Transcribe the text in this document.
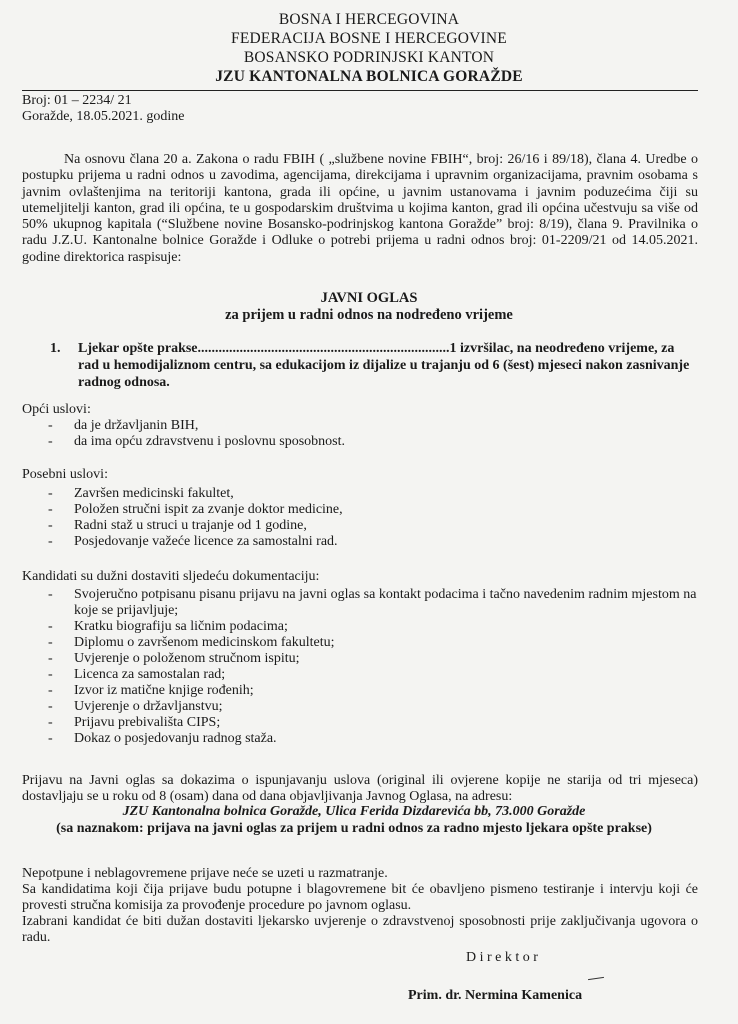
BOSNA I HERCEGOVINA
FEDERACIJA BOSNE I HERCEGOVINE
BOSANSKO PODRINJSKI KANTON
JZU KANTONALNA BOLNICA GORAŽDE
Broj: 01 – 2234/ 21
Goražde, 18.05.2021. godine
Na osnovu člana 20 a. Zakona o radu FBIH ( „službene novine FBIH“, broj: 26/16 i 89/18), člana 4. Uredbe o postupku prijema u radni odnos u zavodima, agencijama, direkcijama i upravnim organizacijama, pravnim osobama s javnim ovlaštenjima na teritoriji kantona, grada ili općine, u javnim ustanovama i javnim poduzećima čiji su utemeljitelji kanton, grad ili općina, te u gospodarskim društvima u kojima kanton, grad ili općina učestvuju sa više od 50% ukupnog kapitala (“Službene novine Bosansko-podrinjskog kantona Goražde” broj: 8/19), člana 9. Pravilnika o radu J.Z.U. Kantonalne bolnice Goražde i Odluke o potrebi prijema u radni odnos broj: 01-2209/21 od 14.05.2021. godine direktorica raspisuje:
JAVNI OGLAS
za prijem u radni odnos na nodređeno vrijeme
1. Ljekar opšte prakse........................................................................1 izvršilac, na neodređeno vrijeme, za rad u hemodijaliznom centru, sa edukacijom iz dijalize u trajanju od 6 (šest) mjeseci nakon zasnivanje radnog odnosa.
Opći uslovi:
- da je državljanin BIH,
- da ima opću zdravstvenu i poslovnu sposobnost.
Posebni uslovi:
- Završen medicinski fakultet,
- Položen stručni ispit za zvanje doktor medicine,
- Radni staž u struci u trajanje od 1 godine,
- Posjedovanje važeće licence za samostalni rad.
Kandidati su dužni dostaviti sljedeću dokumentaciju:
- Svojeručno potpisanu pisanu prijavu na javni oglas sa kontakt podacima i tačno navedenim radnim mjestom na koje se prijavljuje;
- Kratku biografiju sa ličnim podacima;
- Diplomu o završenom medicinskom fakultetu;
- Uvjerenje o položenom stručnom ispitu;
- Licenca za samostalan rad;
- Izvor iz matične knjige rođenih;
- Uvjerenje o državljanstvu;
- Prijavu prebivališta CIPS;
- Dokaz o posjedovanju radnog staža.
Prijavu na Javni oglas sa dokazima o ispunjavanju uslova (original ili ovjerene kopije ne starija od tri mjeseca) dostavljaju se u roku od 8 (osam) dana od dana objavljivanja Javnog Oglasa, na adresu:
JZU Kantonalna bolnica Goražde, Ulica Ferida Dizdarevića bb, 73.000 Goražde
(sa naznakom: prijava na javni oglas za prijem u radni odnos za radno mjesto ljekara opšte prakse)

Nepotpune i neblagovremene prijave neće se uzeti u razmatranje.

Sa kandidatima koji čija prijave budu potupne i blagovremene bit će obavljeno pismeno testiranje i intervju koji će provesti stručna komisija za provođenje procedure po javnom oglasu.

Izabrani kandidat će biti dužan dostaviti ljekarsko uvjerenje o zdravstvenoj sposobnosti prije zaključivanja ugovora o radu.

Direktor
Prim. dr. Nermina Kamenica
